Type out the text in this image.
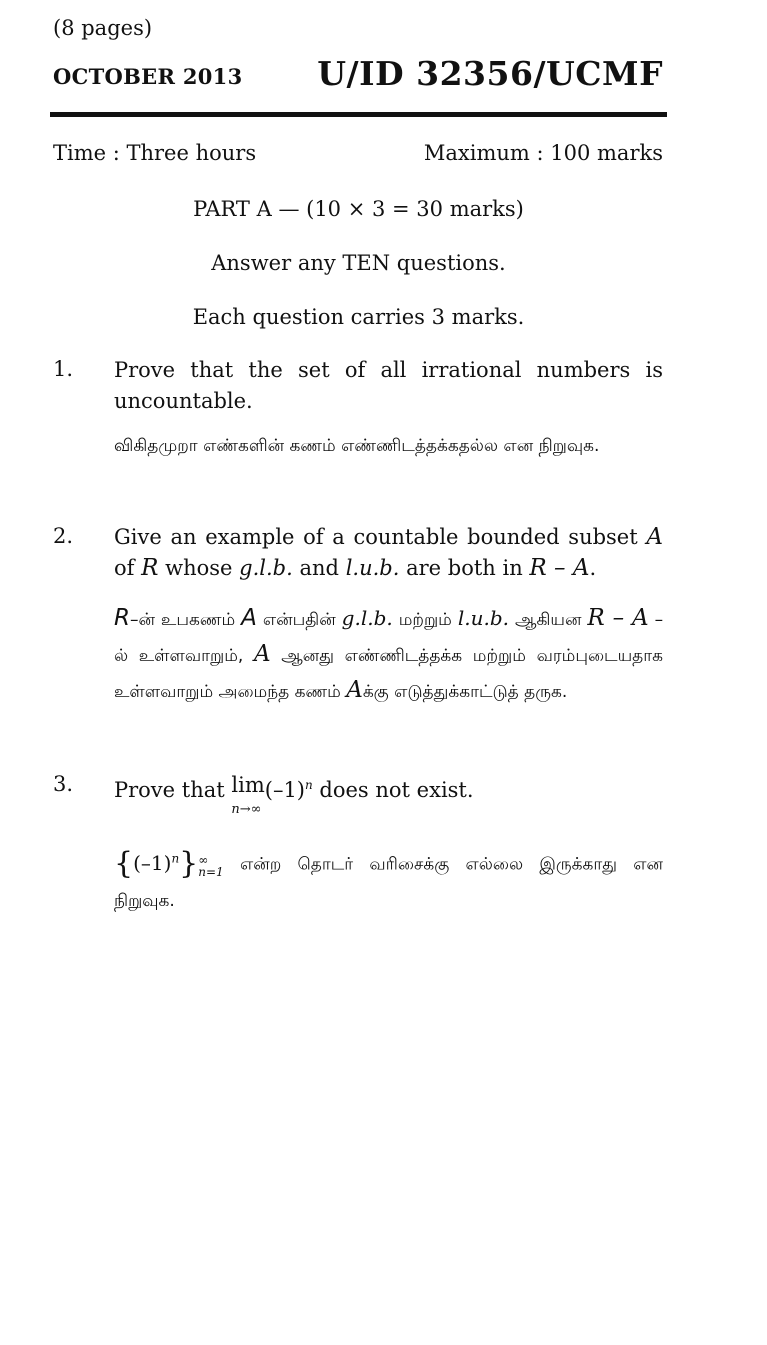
(8 pages)
OCTOBER 2013 U/ID 32356/UCMF
Time : Three hours	Maximum : 100 marks
PART A — (10 × 3 = 30 marks)
Answer any TEN questions.
Each question carries 3 marks.
1. Prove that the set of all irrational numbers is uncountable.
விகிதமுறா எண்களின் கணம் எண்ணிடத்தக்கதல்ல என நிறுவுக.
2. Give an example of a countable bounded subset A of R whose g.l.b. and l.u.b. are both in R – A.
R–ன் உபகணம் A என்பதின் g.l.b. மற்றும் l.u.b. ஆகியன R – A –ல் உள்ளவாறும், A ஆனது எண்ணிடத்தக்க மற்றும் வரம்புடையதாக உள்ளவாறும் அமைந்த கணம் Aக்கு எடுத்துக்காட்டுத் தருக.
3. Prove that lim
n→∞
$(-1)^n$ does not exist.
$\{(-1)^n\}\infty$
n=1 என்ற தொடர் வரிசைக்கு எல்லை இருக்காது என நிறுவுக.
